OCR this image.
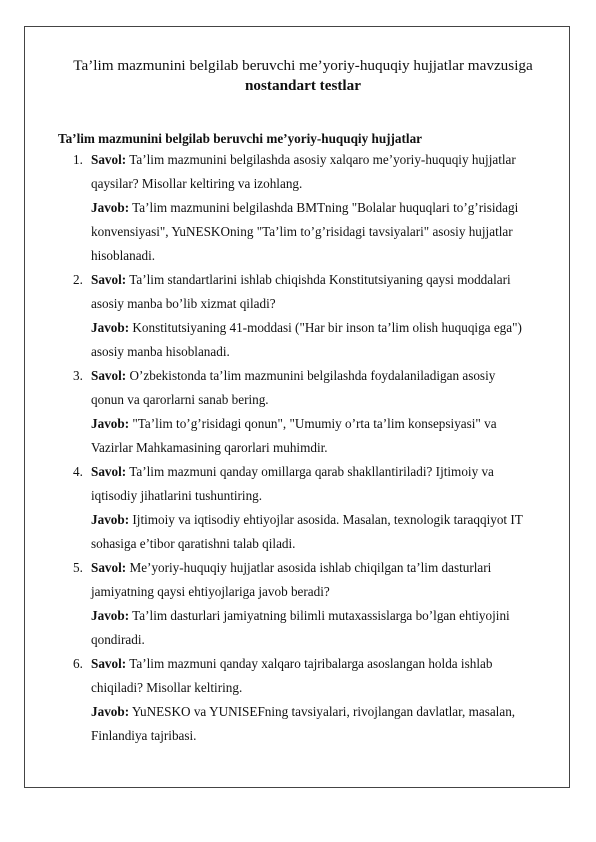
Ta’lim mazmunini belgilab beruvchi me’yoriy-huquqiy hujjatlar mavzusiga
nostandart testlar
Ta’lim mazmunini belgilab beruvchi me’yoriy-huquqiy hujjatlar
1. Savol: Ta’lim mazmunini belgilashda asosiy xalqaro me’yoriy-huquqiy hujjatlar
qaysilar? Misollar keltiring va izohlang.
Javob: Ta’lim mazmunini belgilashda BMTning "Bolalar huquqlari to’g’risidagi
konvensiyasi", YuNESKOning "Ta’lim to’g’risidagi tavsiyalari" asosiy hujjatlar
hisoblanadi.
2. Savol: Ta’lim standartlarini ishlab chiqishda Konstitutsiyaning qaysi moddalari
asosiy manba bo’lib xizmat qiladi?
Javob: Konstitutsiyaning 41-moddasi ("Har bir inson ta’lim olish huquqiga ega")
asosiy manba hisoblanadi.
3. Savol: O’zbekistonda ta’lim mazmunini belgilashda foydalaniladigan asosiy
qonun va qarorlarni sanab bering.
Javob: "Ta’lim to’g’risidagi qonun", "Umumiy o’rta ta’lim konsepsiyasi" va
Vazirlar Mahkamasining qarorlari muhimdir.
4. Savol: Ta’lim mazmuni qanday omillarga qarab shakllantiriladi? Ijtimoiy va
iqtisodiy jihatlarini tushuntiring.
Javob: Ijtimoiy va iqtisodiy ehtiyojlar asosida. Masalan, texnologik taraqqiyot IT
sohasiga e’tibor qaratishni talab qiladi.
5. Savol: Me’yoriy-huquqiy hujjatlar asosida ishlab chiqilgan ta’lim dasturlari
jamiyatning qaysi ehtiyojlariga javob beradi?
Javob: Ta’lim dasturlari jamiyatning bilimli mutaxassislarga bo’lgan ehtiyojini
qondiradi.
6. Savol: Ta’lim mazmuni qanday xalqaro tajribalarga asoslangan holda ishlab
chiqiladi? Misollar keltiring.
Javob: YuNESKO va YUNISEFning tavsiyalari, rivojlangan davlatlar, masalan,
Finlandiya tajribasi.
